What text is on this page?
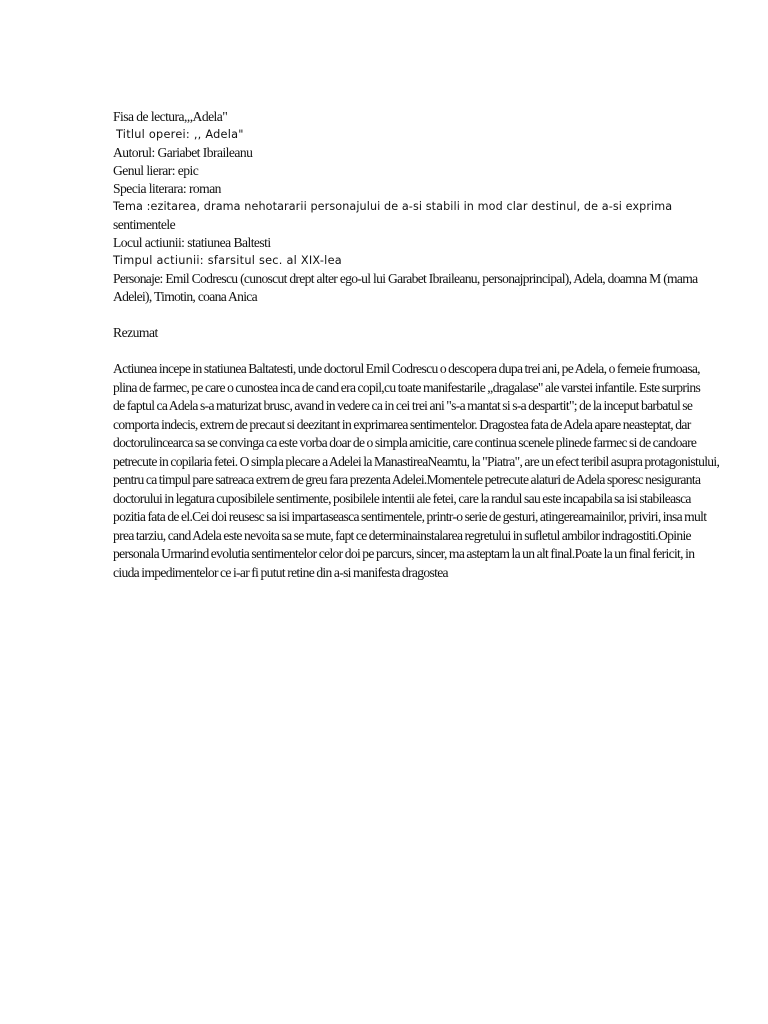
Fisa de lectura,,,Adela"
Titlul operei: ,, Adela"
Autorul: Gariabet Ibraileanu
Genul lierar: epic
Specia literara: roman
Tema :ezitarea, drama nehotararii personajului de a-si stabili in mod clar destinul, de a-si exprima
sentimentele
Locul actiunii: statiunea Baltesti
Timpul actiunii: sfarsitul sec. al XIX-lea
Personaje: Emil Codrescu (cunoscut drept alter ego-ul lui Garabet Ibraileanu, personajprincipal), Adela, doamna M (mama
Adelei), Timotin, coana Anica
Rezumat
Actiunea incepe in statiunea Baltatesti, unde doctorul Emil Codrescu o descopera dupa trei ani, pe Adela, o femeie frumoasa,
plina de farmec, pe care o cunostea inca de cand era copil,cu toate manifestarile ,,dragalase" ale varstei infantile. Este surprins
de faptul ca Adela s-a maturizat brusc, avand in vedere ca in cei trei ani "s-a mantat si s-a despartit"; de la inceput barbatul se
comporta indecis, extrem de precaut si deezitant in exprimarea sentimentelor. Dragostea fata de Adela apare neasteptat, dar
doctorulincearca sa se convinga ca este vorba doar de o simpla amicitie, care continua scenele plinede farmec si de candoare
petrecute in copilaria fetei. O simpla plecare a Adelei la ManastireaNeamtu, la "Piatra", are un efect teribil asupra protagonistului,
pentru ca timpul pare satreaca extrem de greu fara prezenta Adelei.Momentele petrecute alaturi de Adela sporesc nesiguranta
doctorului in legatura cuposibilele sentimente, posibilele intentii ale fetei, care la randul sau este incapabila sa isi stabileasca
pozitia fata de el.Cei doi reusesc sa isi impartaseasca sentimentele, printr-o serie de gesturi, atingereamainilor, priviri, insa mult
prea tarziu, cand Adela este nevoita sa se mute, fapt ce determinainstalarea regretului in sufletul ambilor indragostiti.Opinie
personala Urmarind evolutia sentimentelor celor doi pe parcurs, sincer, ma asteptam la un alt final.Poate la un final fericit, in
ciuda impedimentelor ce i-ar fi putut retine din a-si manifesta dragostea
